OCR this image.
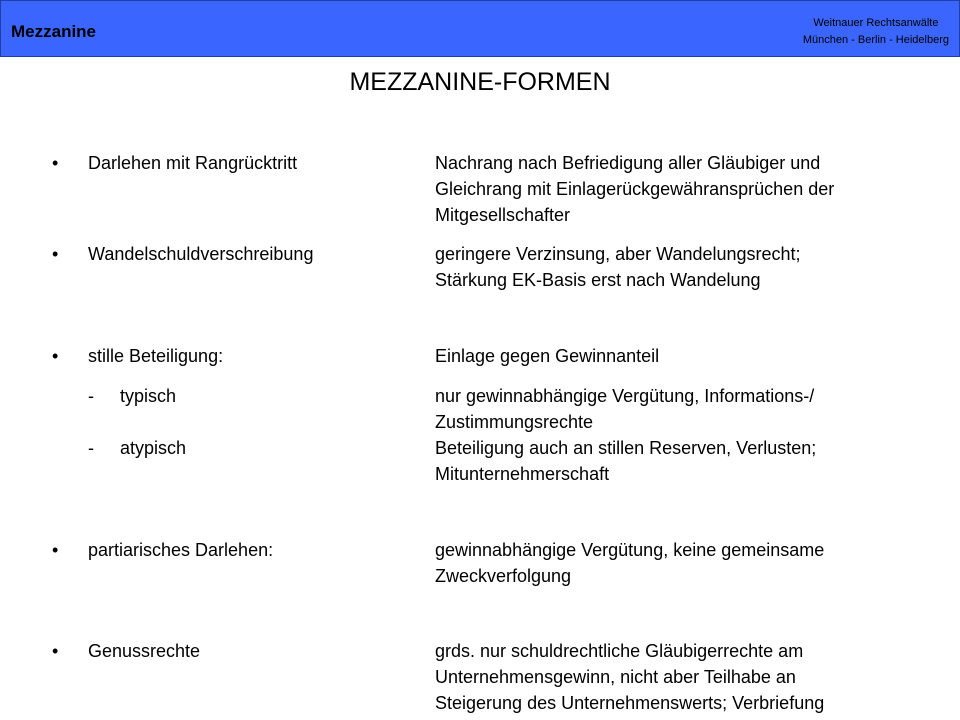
Mezzanine	Weitnauer Rechtsanwälte
München - Berlin - Heidelberg
MEZZANINE-FORMEN
• Darlehen mit Rangrücktritt	Nachrang nach Befriedigung aller Gläubiger und
Gleichrang mit Einlagerückgewähransprüchen der
Mitgesellschafter
• Wandelschuldverschreibung	geringere Verzinsung, aber Wandelungsrecht;
Stärkung EK-Basis erst nach Wandelung
• stille Beteiligung:	Einlage gegen Gewinnanteil
- typisch	nur gewinnabhängige Vergütung, Informations-/
Zustimmungsrechte
- atypisch	Beteiligung auch an stillen Reserven, Verlusten;
Mitunternehmerschaft
• partiarisches Darlehen:	gewinnabhängige Vergütung, keine gemeinsame
Zweckverfolgung
• Genussrechte	grds. nur schuldrechtliche Gläubigerrechte am
Unternehmensgewinn, nicht aber Teilhabe an
Steigerung des Unternehmenswerts; Verbriefung
